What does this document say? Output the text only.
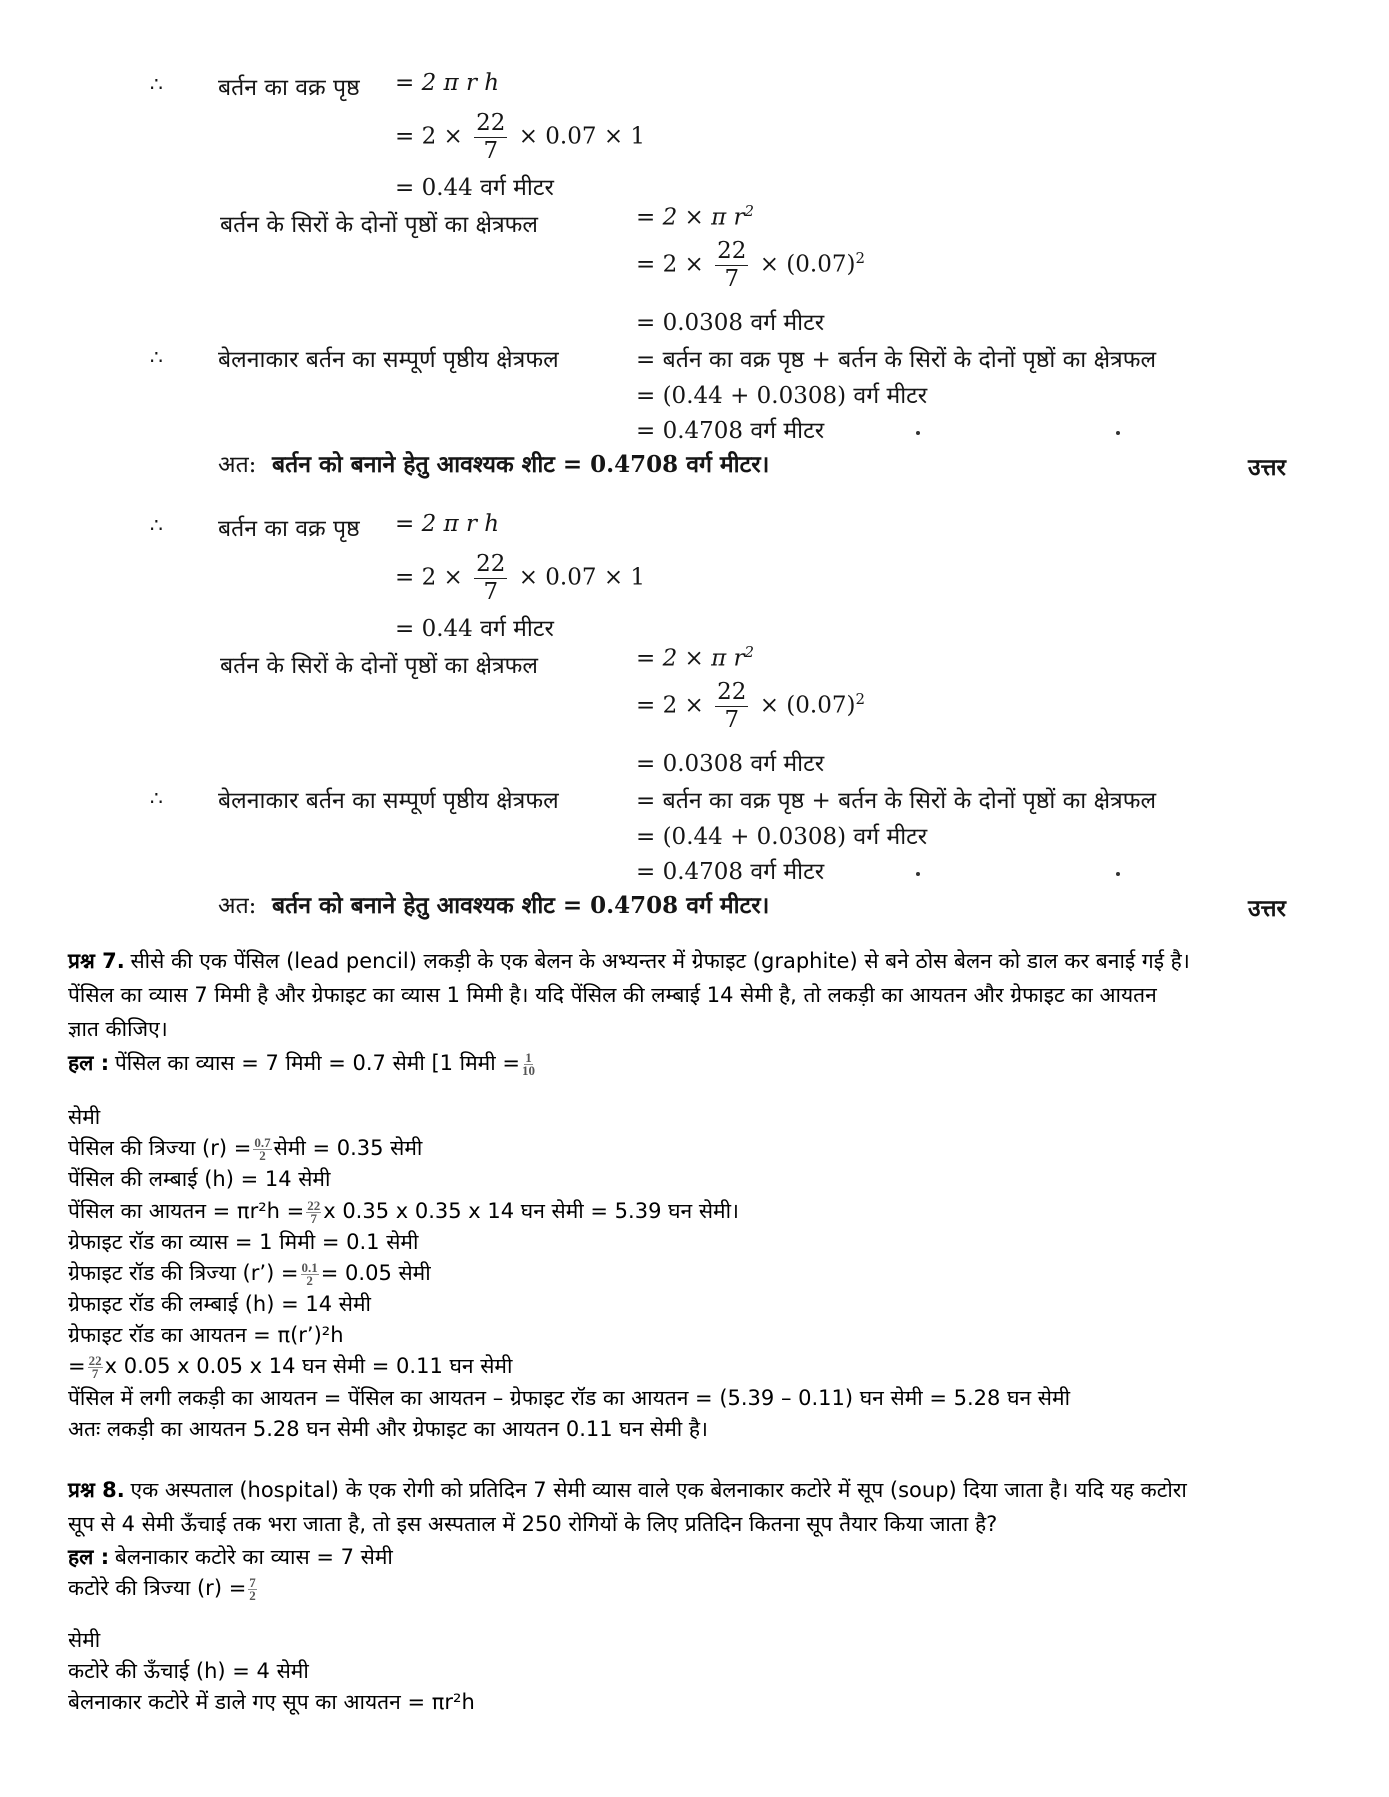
∴ बर्तन का वक्र पृष्ठ = 2 π r h
= $2 \times \frac{22}{7} \times 0.07 \times 1$
= 0.44 वर्ग मीटर
बर्तन के सिरों के दोनों पृष्ठों का क्षेत्रफल	= 2 × π $r^2$
= $2 \times \frac{22}{7} \times (0.07)^2$
= 0.0308 वर्ग मीटर
∴ बेलनाकार बर्तन का सम्पूर्ण पृष्ठीय क्षेत्रफल	= बर्तन का वक्र पृष्ठ + बर्तन के सिरों के दोनों पृष्ठों का क्षेत्रफल
= (0.44 + 0.0308) वर्ग मीटर
= 0.4708 वर्ग मीटर
अत: बर्तन को बनाने हेतु आवश्यक शीट = 0.4708 वर्ग मीटर।	उत्तर
∴ बर्तन का वक्र पृष्ठ = 2 π r h
= $2 \times \frac{22}{7} \times 0.07 \times 1$
= 0.44 वर्ग मीटर
बर्तन के सिरों के दोनों पृष्ठों का क्षेत्रफल	= 2 × π $r^2$
= $2 \times \frac{22}{7} \times (0.07)^2$
= 0.0308 वर्ग मीटर
∴ बेलनाकार बर्तन का सम्पूर्ण पृष्ठीय क्षेत्रफल	= बर्तन का वक्र पृष्ठ + बर्तन के सिरों के दोनों पृष्ठों का क्षेत्रफल
= (0.44 + 0.0308) वर्ग मीटर
= 0.4708 वर्ग मीटर
अत: बर्तन को बनाने हेतु आवश्यक शीट = 0.4708 वर्ग मीटर।	उत्तर
प्रश्न 7. सीसे की एक पेंसिल (lead pencil) लकड़ी के एक बेलन के अभ्यन्तर में ग्रेफाइट (graphite) से बने ठोस बेलन को डाल कर बनाई गई है।
पेंसिल का व्यास 7 मिमी है और ग्रेफाइट का व्यास 1 मिमी है। यदि पेंसिल की लम्बाई 14 सेमी है, तो लकड़ी का आयतन और ग्रेफाइट का आयतन
ज्ञात कीजिए।
हल : पेंसिल का व्यास = 7 मिमी = 0.7 सेमी [1 मिमी = $\frac{1}{10}$
सेमी
पेसिल की त्रिज्या $(r) = \frac{0.7}{2}$ सेमी = 0.35 सेमी
पेंसिल की लम्बाई (h) = 14 सेमी
पेंसिल का आयतन = $\pi r^2h = \frac{22}{7}$ x 0.35 x 0.35 x 14 घन सेमी = 5.39 घन सेमी।
ग्रेफाइट रॉड का व्यास = 1 मिमी = 0.1 सेमी
ग्रेफाइट रॉड की त्रिज्या (r’) = $\frac{0.1}{2} = 0.05$ सेमी
ग्रेफाइट रॉड की लम्बाई (h) = 14 सेमी
ग्रेफाइट रॉड का आयतन = π(r’)²h
= $\frac{22}{7}$ x 0.05 x 0.05 x 14 घन सेमी = 0.11 घन सेमी
पेंसिल में लगी लकड़ी का आयतन = पेंसिल का आयतन – ग्रेफाइट रॉड का आयतन = (5.39 – 0.11) घन सेमी = 5.28 घन सेमी
अतः लकड़ी का आयतन 5.28 घन सेमी और ग्रेफाइट का आयतन 0.11 घन सेमी है।
प्रश्न 8. एक अस्पताल (hospital) के एक रोगी को प्रतिदिन 7 सेमी व्यास वाले एक बेलनाकार कटोरे में सूप (soup) दिया जाता है। यदि यह कटोरा
सूप से 4 सेमी ऊँचाई तक भरा जाता है, तो इस अस्पताल में 250 रोगियों के लिए प्रतिदिन कितना सूप तैयार किया जाता है?
हल : बेलनाकार कटोरे का व्यास = 7 सेमी
कटोरे की त्रिज्या $(r) = \frac{7}{2}$
सेमी
कटोरे की ऊँचाई (h) = 4 सेमी
बेलनाकार कटोरे में डाले गए सूप का आयतन = πr²h
